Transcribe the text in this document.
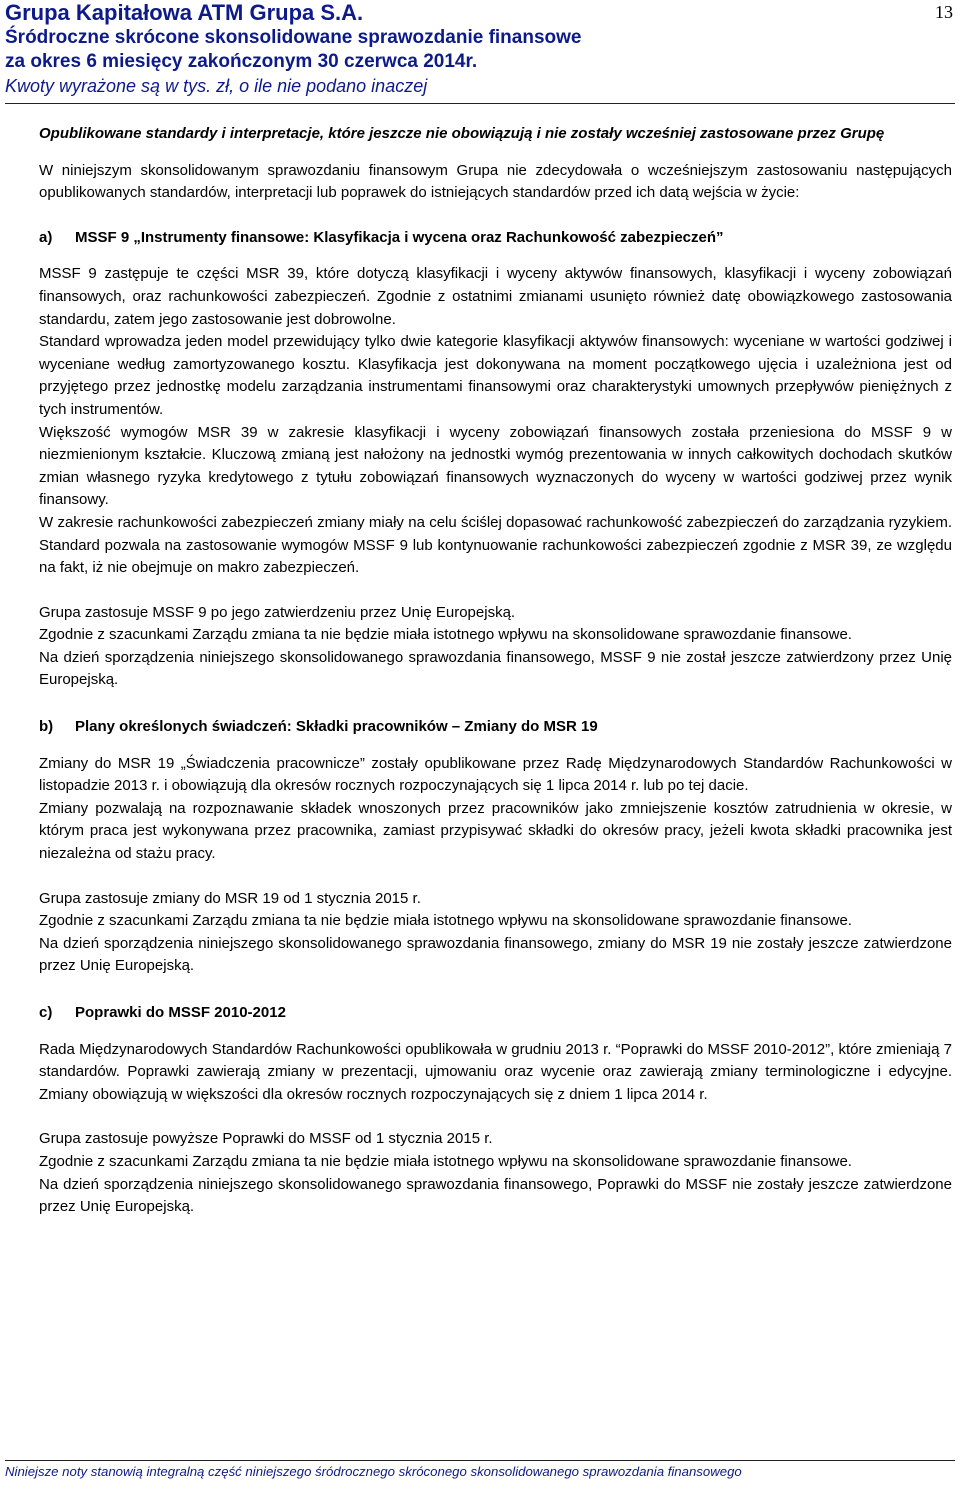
Grupa Kapitałowa ATM Grupa S.A.
Śródroczne skrócone skonsolidowane sprawozdanie finansowe
za okres 6 miesięcy zakończonym 30 czerwca 2014r.
Kwoty wyrażone są w tys. zł, o ile nie podano inaczej
13

Opublikowane standardy i interpretacje, które jeszcze nie obowiązują i nie zostały wcześniej zastosowane przez Grupę

W niniejszym skonsolidowanym sprawozdaniu finansowym Grupa nie zdecydowała o wcześniejszym zastosowaniu następujących opublikowanych standardów, interpretacji lub poprawek do istniejących standardów przed ich datą wejścia w życie:

a) MSSF 9 „Instrumenty finansowe: Klasyfikacja i wycena oraz Rachunkowość zabezpieczeń”

MSSF 9 zastępuje te części MSR 39, które dotyczą klasyfikacji i wyceny aktywów finansowych, klasyfikacji i wyceny zobowiązań finansowych, oraz rachunkowości zabezpieczeń. Zgodnie z ostatnimi zmianami usunięto również datę obowiązkowego zastosowania standardu, zatem jego zastosowanie jest dobrowolne.

Standard wprowadza jeden model przewidujący tylko dwie kategorie klasyfikacji aktywów finansowych: wyceniane w wartości godziwej i wyceniane według zamortyzowanego kosztu. Klasyfikacja jest dokonywana na moment początkowego ujęcia i uzależniona jest od przyjętego przez jednostkę modelu zarządzania instrumentami finansowymi oraz charakterystyki umownych przepływów pieniężnych z tych instrumentów.

Większość wymogów MSR 39 w zakresie klasyfikacji i wyceny zobowiązań finansowych została przeniesiona do MSSF 9 w niezmienionym kształcie. Kluczową zmianą jest nałożony na jednostki wymóg prezentowania w innych całkowitych dochodach skutków zmian własnego ryzyka kredytowego z tytułu zobowiązań finansowych wyznaczonych do wyceny w wartości godziwej przez wynik finansowy.

W zakresie rachunkowości zabezpieczeń zmiany miały na celu ściślej dopasować rachunkowość zabezpieczeń do zarządzania ryzykiem. Standard pozwala na zastosowanie wymogów MSSF 9 lub kontynuowanie rachunkowości zabezpieczeń zgodnie z MSR 39, ze względu na fakt, iż nie obejmuje on makro zabezpieczeń.

Grupa zastosuje MSSF 9 po jego zatwierdzeniu przez Unię Europejską.

Zgodnie z szacunkami Zarządu zmiana ta nie będzie miała istotnego wpływu na skonsolidowane sprawozdanie finansowe.

Na dzień sporządzenia niniejszego skonsolidowanego sprawozdania finansowego, MSSF 9 nie został jeszcze zatwierdzony przez Unię Europejską.

b) Plany określonych świadczeń: Składki pracowników – Zmiany do MSR 19

Zmiany do MSR 19 „Świadczenia pracownicze” zostały opublikowane przez Radę Międzynarodowych Standardów Rachunkowości w listopadzie 2013 r. i obowiązują dla okresów rocznych rozpoczynających się 1 lipca 2014 r. lub po tej dacie.

Zmiany pozwalają na rozpoznawanie składek wnoszonych przez pracowników jako zmniejszenie kosztów zatrudnienia w okresie, w którym praca jest wykonywana przez pracownika, zamiast przypisywać składki do okresów pracy, jeżeli kwota składki pracownika jest niezależna od stażu pracy.

Grupa zastosuje zmiany do MSR 19 od 1 stycznia 2015 r.

Zgodnie z szacunkami Zarządu zmiana ta nie będzie miała istotnego wpływu na skonsolidowane sprawozdanie finansowe.

Na dzień sporządzenia niniejszego skonsolidowanego sprawozdania finansowego, zmiany do MSR 19 nie zostały jeszcze zatwierdzone przez Unię Europejską.

c) Poprawki do MSSF 2010-2012

Rada Międzynarodowych Standardów Rachunkowości opublikowała w grudniu 2013 r. “Poprawki do MSSF 2010-2012”, które zmieniają 7 standardów. Poprawki zawierają zmiany w prezentacji, ujmowaniu oraz wycenie oraz zawierają zmiany terminologiczne i edycyjne. Zmiany obowiązują w większości dla okresów rocznych rozpoczynających się z dniem 1 lipca 2014 r.

Grupa zastosuje powyższe Poprawki do MSSF od 1 stycznia 2015 r.

Zgodnie z szacunkami Zarządu zmiana ta nie będzie miała istotnego wpływu na skonsolidowane sprawozdanie finansowe.

Na dzień sporządzenia niniejszego skonsolidowanego sprawozdania finansowego, Poprawki do MSSF nie zostały jeszcze zatwierdzone przez Unię Europejską.

Niniejsze noty stanowią integralną część niniejszego śródrocznego skróconego skonsolidowanego sprawozdania finansowego
